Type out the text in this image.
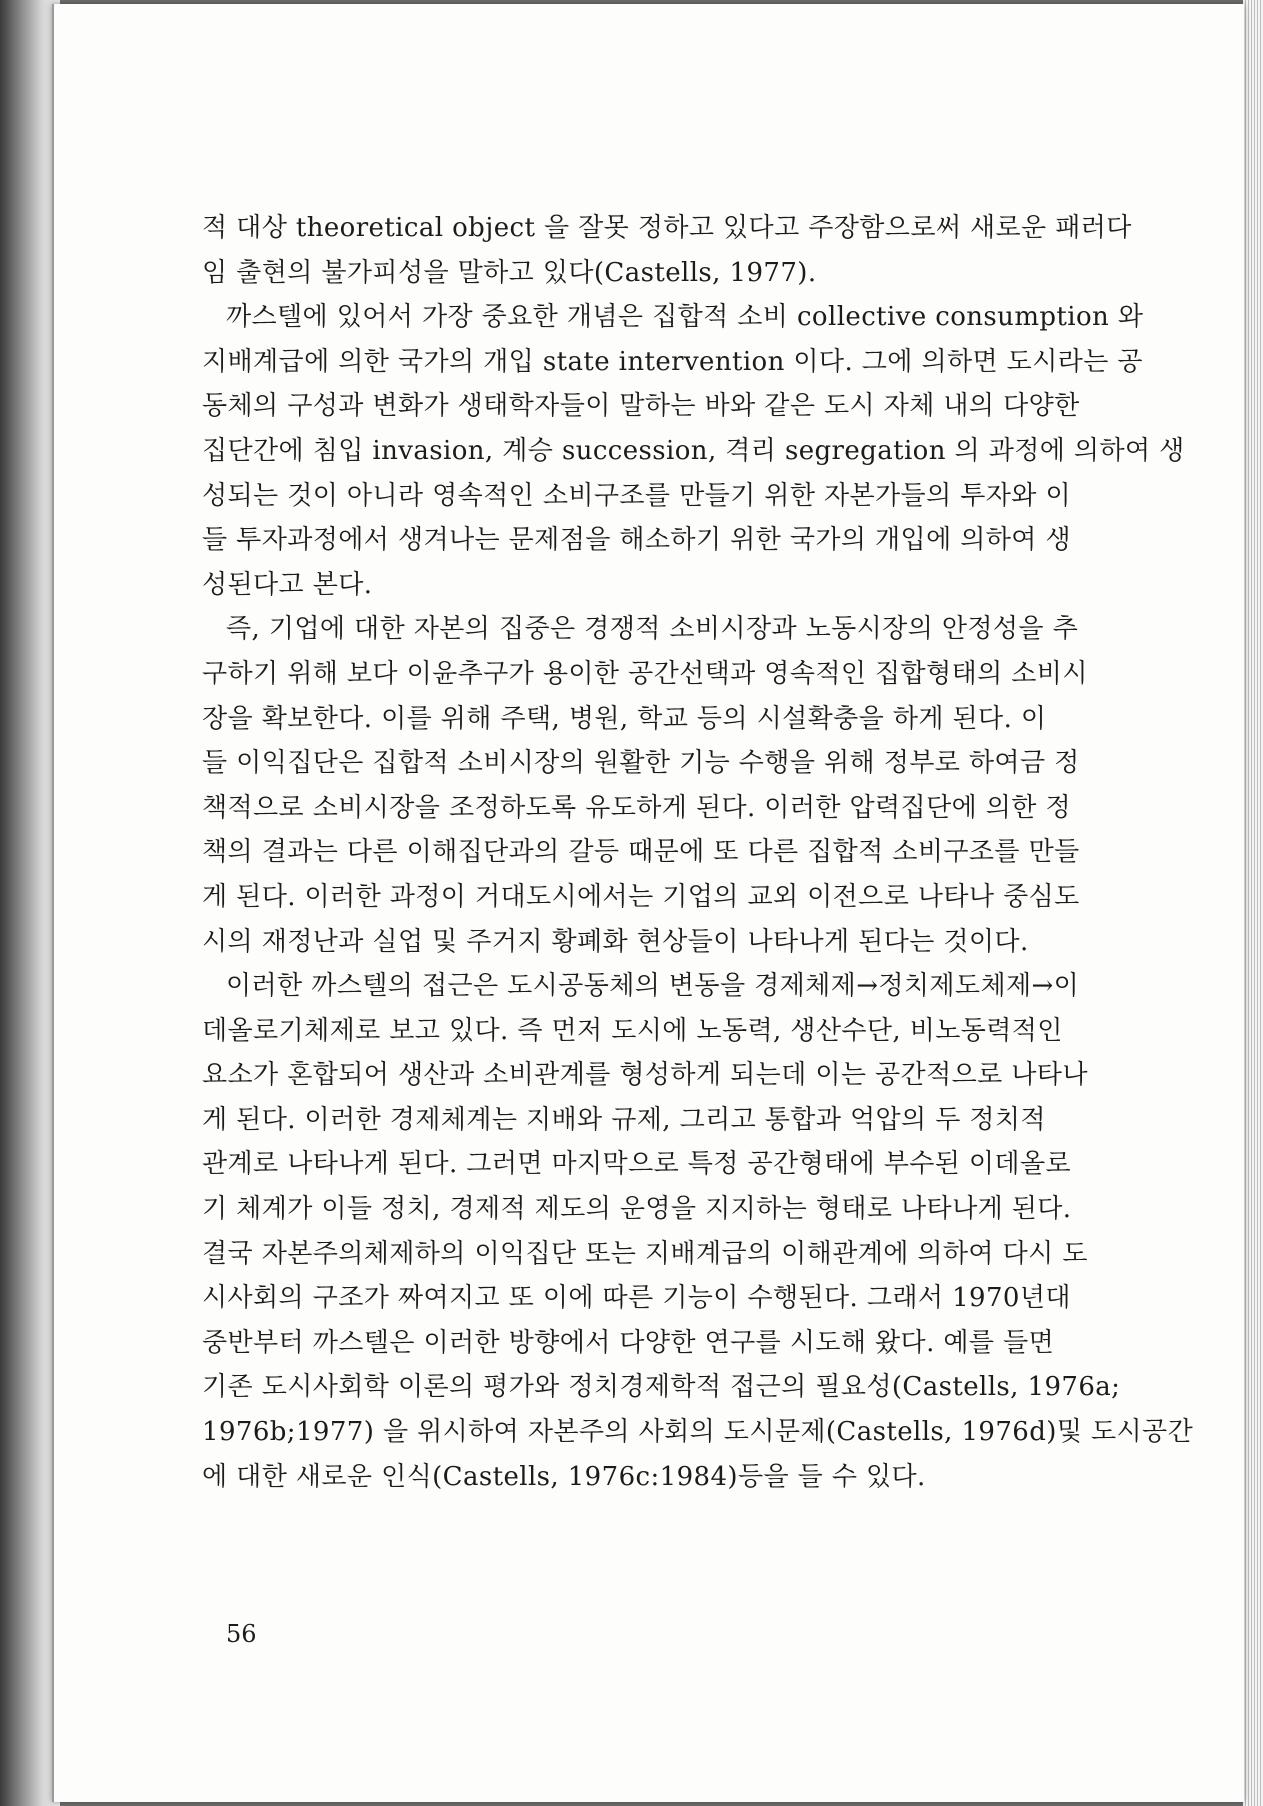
적 대상 theoretical object 을 잘못 정하고 있다고 주장함으로써 새로운 패러다
임 출현의 불가피성을 말하고 있다(Castells, 1977).
까스텔에 있어서 가장 중요한 개념은 집합적 소비 collective consumption 와
지배계급에 의한 국가의 개입 state intervention 이다. 그에 의하면 도시라는 공
동체의 구성과 변화가 생태학자들이 말하는 바와 같은 도시 자체 내의 다양한
집단간에 침입 invasion, 계승 succession, 격리 segregation 의 과정에 의하여 생
성되는 것이 아니라 영속적인 소비구조를 만들기 위한 자본가들의 투자와 이
들 투자과정에서 생겨나는 문제점을 해소하기 위한 국가의 개입에 의하여 생
성된다고 본다.
즉, 기업에 대한 자본의 집중은 경쟁적 소비시장과 노동시장의 안정성을 추
구하기 위해 보다 이윤추구가 용이한 공간선택과 영속적인 집합형태의 소비시
장을 확보한다. 이를 위해 주택, 병원, 학교 등의 시설확충을 하게 된다. 이
들 이익집단은 집합적 소비시장의 원활한 기능 수행을 위해 정부로 하여금 정
책적으로 소비시장을 조정하도록 유도하게 된다. 이러한 압력집단에 의한 정
책의 결과는 다른 이해집단과의 갈등 때문에 또 다른 집합적 소비구조를 만들
게 된다. 이러한 과정이 거대도시에서는 기업의 교외 이전으로 나타나 중심도
시의 재정난과 실업 및 주거지 황폐화 현상들이 나타나게 된다는 것이다.
이러한 까스텔의 접근은 도시공동체의 변동을 경제체제→정치제도체제→이
데올로기체제로 보고 있다. 즉 먼저 도시에 노동력, 생산수단, 비노동력적인
요소가 혼합되어 생산과 소비관계를 형성하게 되는데 이는 공간적으로 나타나
게 된다. 이러한 경제체계는 지배와 규제, 그리고 통합과 억압의 두 정치적
관계로 나타나게 된다. 그러면 마지막으로 특정 공간형태에 부수된 이데올로
기 체계가 이들 정치, 경제적 제도의 운영을 지지하는 형태로 나타나게 된다.
결국 자본주의체제하의 이익집단 또는 지배계급의 이해관계에 의하여 다시 도
시사회의 구조가 짜여지고 또 이에 따른 기능이 수행된다. 그래서 1970년대
중반부터 까스텔은 이러한 방향에서 다양한 연구를 시도해 왔다. 예를 들면
기존 도시사회학 이론의 평가와 정치경제학적 접근의 필요성(Castells, 1976a;
1976b;1977) 을 위시하여 자본주의 사회의 도시문제(Castells, 1976d)및 도시공간
에 대한 새로운 인식(Castells, 1976c:1984)등을 들 수 있다.
56
